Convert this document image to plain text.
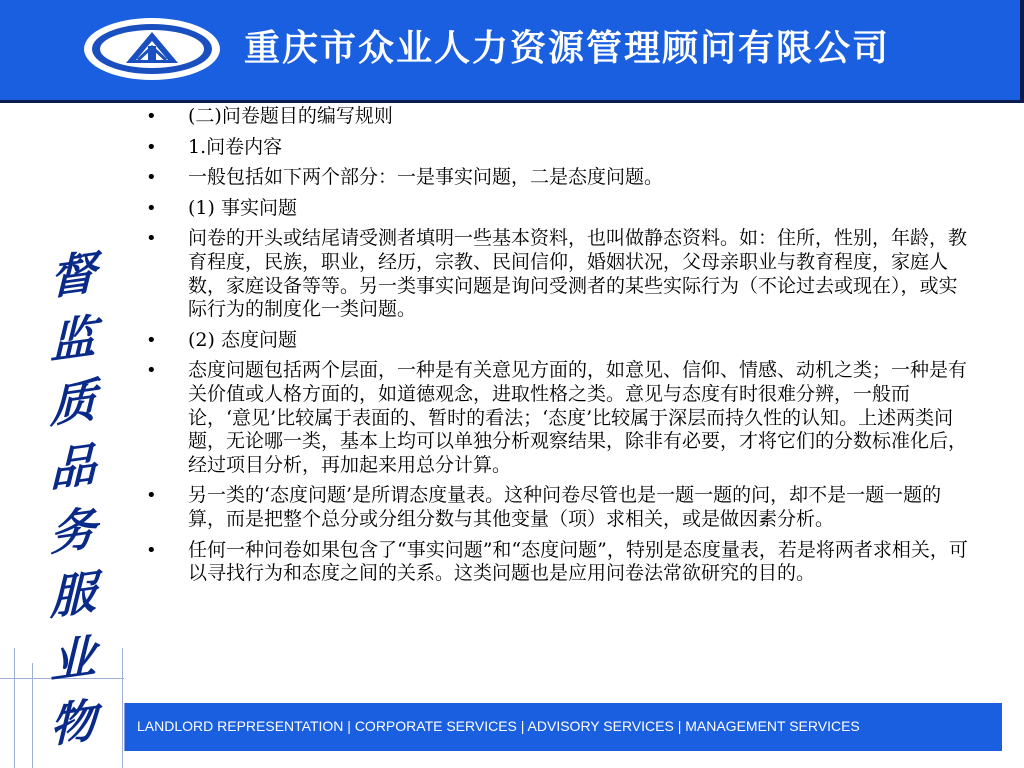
重庆市众业人力资源管理顾问有限公司
督
监
质
品
务
服
业
物
• (二)问卷题目的编写规则
• 1.问卷内容
• 一般包括如下两个部分：一是事实问题，二是态度问题。
• (1) 事实问题
• 问卷的开头或结尾请受测者填明一些基本资料，也叫做静态资料。如：住所，性别，年龄，教育程度，民族，职业，经历，宗教、民间信仰，婚姻状况，父母亲职业与教育程度，家庭人数，家庭设备等等。另一类事实问题是询问受测者的某些实际行为（不论过去或现在），或实际行为的制度化一类问题。
• (2) 态度问题
• 态度问题包括两个层面，一种是有关意见方面的，如意见、信仰、情感、动机之类；一种是有关价值或人格方面的，如道德观念，进取性格之类。意见与态度有时很难分辨，一般而论，‘意见’比较属于表面的、暂时的看法；‘态度’比较属于深层而持久性的认知。上述两类问题，无论哪一类，基本上均可以单独分析观察结果，除非有必要，才将它们的分数标准化后，经过项目分析，再加起来用总分计算。
• 另一类的‘态度问题’是所谓态度量表。这种问卷尽管也是一题一题的问，却不是一题一题的算，而是把整个总分或分组分数与其他变量（项）求相关，或是做因素分析。
• 任何一种问卷如果包含了“事实问题”和“态度问题”，特别是态度量表，若是将两者求相关，可以寻找行为和态度之间的关系。这类问题也是应用问卷法常欲研究的目的。
LANDLORD REPRESENTATION | CORPORATE SERVICES | ADVISORY SERVICES | MANAGEMENT SERVICES
